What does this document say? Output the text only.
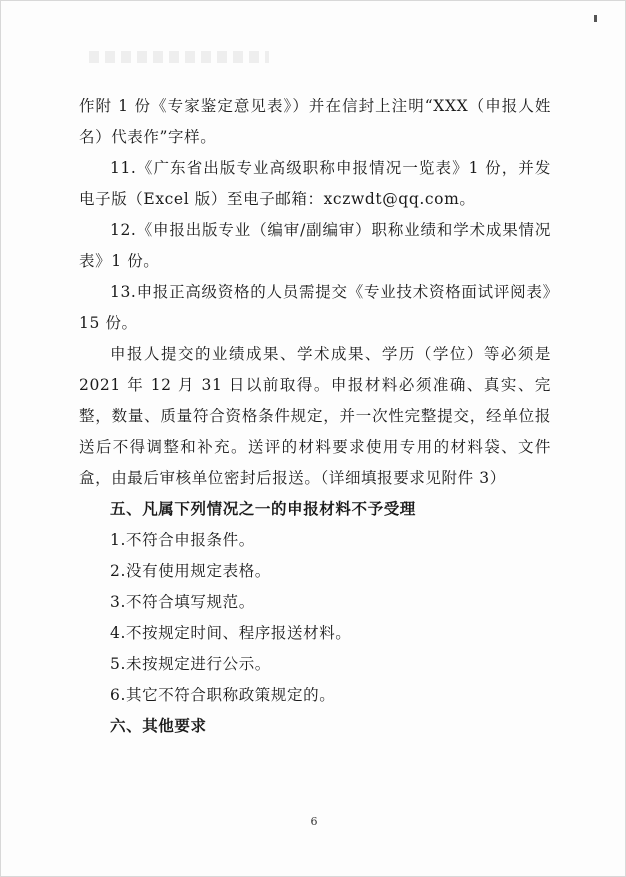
作附 1 份《专家鉴定意见表》）并在信封上注明“XXX（申报人姓名）代表作”字样。

11.《广东省出版专业高级职称申报情况一览表》1 份，并发电子版（Excel 版）至电子邮箱：xczwdt@qq.com。

12.《申报出版专业（编审/副编审）职称业绩和学术成果情况表》1 份。

13.申报正高级资格的人员需提交《专业技术资格面试评阅表》15 份。

申报人提交的业绩成果、学术成果、学历（学位）等必须是 2021 年 12 月 31 日以前取得。申报材料必须准确、真实、完整，数量、质量符合资格条件规定，并一次性完整提交，经单位报送后不得调整和补充。送评的材料要求使用专用的材料袋、文件盒，由最后审核单位密封后报送。（详细填报要求见附件 3）

五、凡属下列情况之一的申报材料不予受理

1.不符合申报条件。

2.没有使用规定表格。

3.不符合填写规范。

4.不按规定时间、程序报送材料。

5.未按规定进行公示。

6.其它不符合职称政策规定的。

六、其他要求

6
